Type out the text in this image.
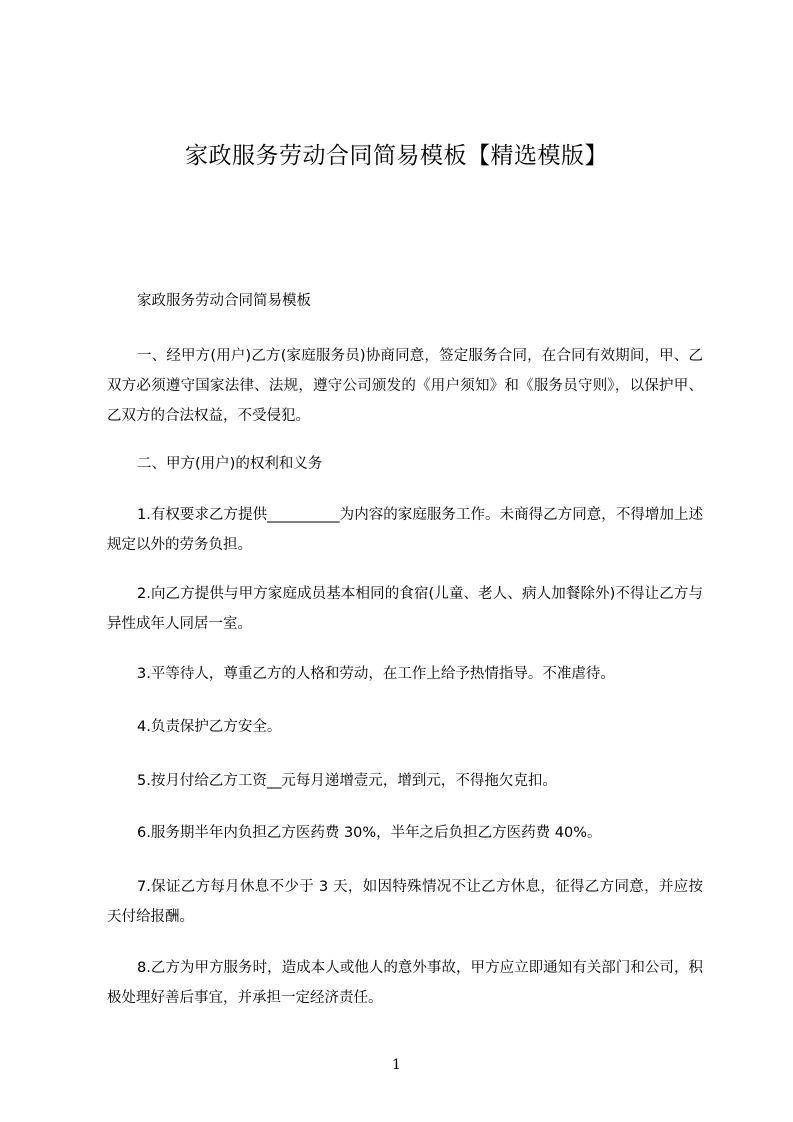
家政服务劳动合同简易模板【精选模版】

家政服务劳动合同简易模板

一、经甲方(用户)乙方(家庭服务员)协商同意，签定服务合同，在合同有效期间，甲、乙双方必须遵守国家法律、法规，遵守公司颁发的《用户须知》和《服务员守则》，以保护甲、乙双方的合法权益，不受侵犯。

二、甲方(用户)的权利和义务

1.有权要求乙方提供__________为内容的家庭服务工作。未商得乙方同意，不得增加上述规定以外的劳务负担。

2.向乙方提供与甲方家庭成员基本相同的食宿(儿童、老人、病人加餐除外)不得让乙方与异性成年人同居一室。

3.平等待人，尊重乙方的人格和劳动，在工作上给予热情指导。不准虐待。

4.负责保护乙方安全。

5.按月付给乙方工资__元每月递增壹元，增到元，不得拖欠克扣。

6.服务期半年内负担乙方医药费 30%，半年之后负担乙方医药费 40%。

7.保证乙方每月休息不少于 3 天，如因特殊情况不让乙方休息，征得乙方同意，并应按天付给报酬。

8.乙方为甲方服务时，造成本人或他人的意外事故，甲方应立即通知有关部门和公司，积极处理好善后事宜，并承担一定经济责任。

1
